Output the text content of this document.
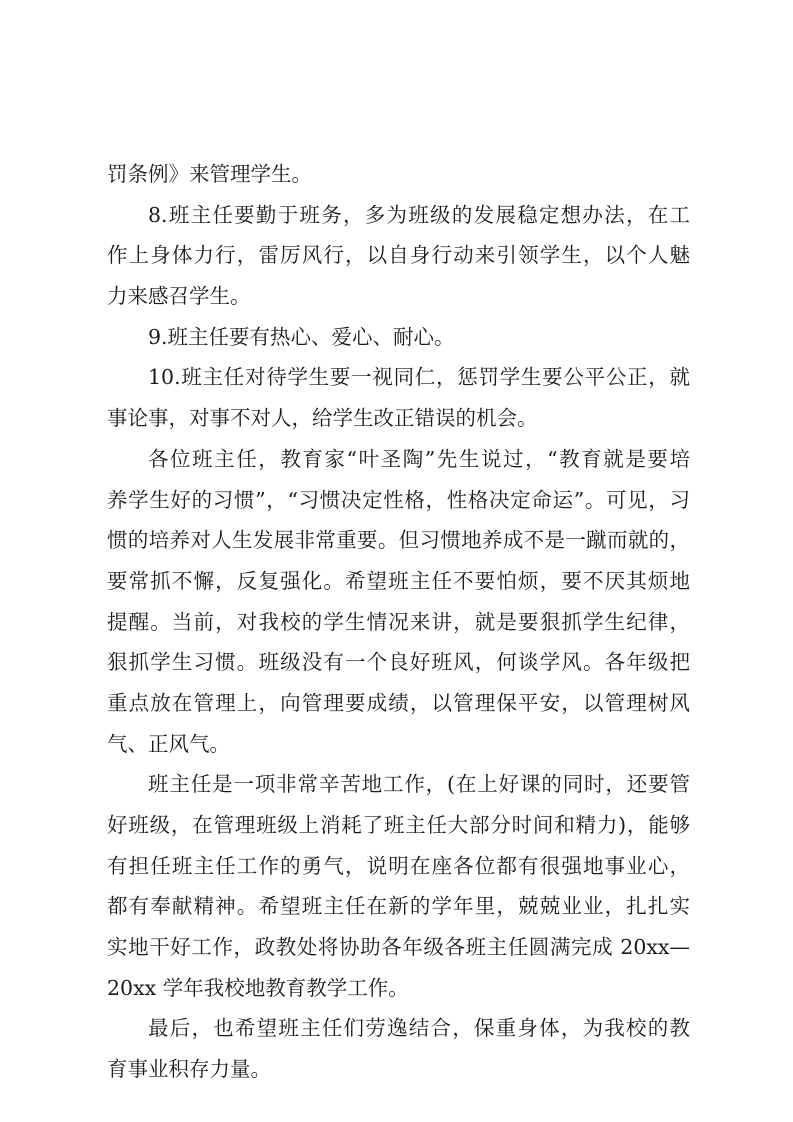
罚条例》来管理学生。
8.班主任要勤于班务，多为班级的发展稳定想办法，在工
作上身体力行，雷厉风行，以自身行动来引领学生，以个人魅
力来感召学生。
9.班主任要有热心、爱心、耐心。
10.班主任对待学生要一视同仁，惩罚学生要公平公正，就
事论事，对事不对人，给学生改正错误的机会。
各位班主任，教育家“叶圣陶”先生说过，“教育就是要培
养学生好的习惯”，“习惯决定性格，性格决定命运”。可见，习
惯的培养对人生发展非常重要。但习惯地养成不是一蹴而就的，
要常抓不懈，反复强化。希望班主任不要怕烦，要不厌其烦地
提醒。当前，对我校的学生情况来讲，就是要狠抓学生纪律，
狠抓学生习惯。班级没有一个良好班风，何谈学风。各年级把
重点放在管理上，向管理要成绩，以管理保平安，以管理树风
气、正风气。
班主任是一项非常辛苦地工作，(在上好课的同时，还要管
好班级，在管理班级上消耗了班主任大部分时间和精力)，能够
有担任班主任工作的勇气，说明在座各位都有很强地事业心，
都有奉献精神。希望班主任在新的学年里，兢兢业业，扎扎实
实地干好工作，政教处将协助各年级各班主任圆满完成 20xx—
20xx 学年我校地教育教学工作。
最后，也希望班主任们劳逸结合，保重身体，为我校的教
育事业积存力量。
